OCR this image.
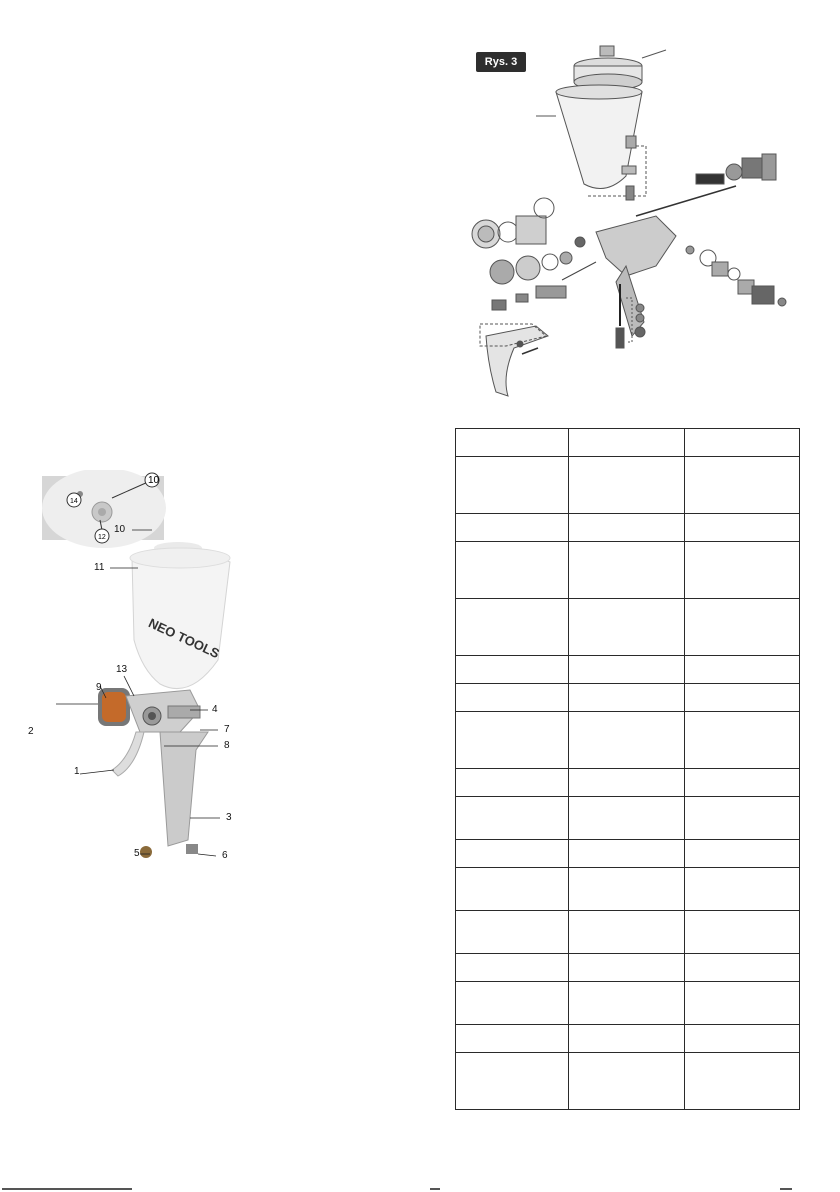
Rys. 3

10
14
12
NEO TOOLS
10
11
13
9
4
2	7
8
1
3
5	6
